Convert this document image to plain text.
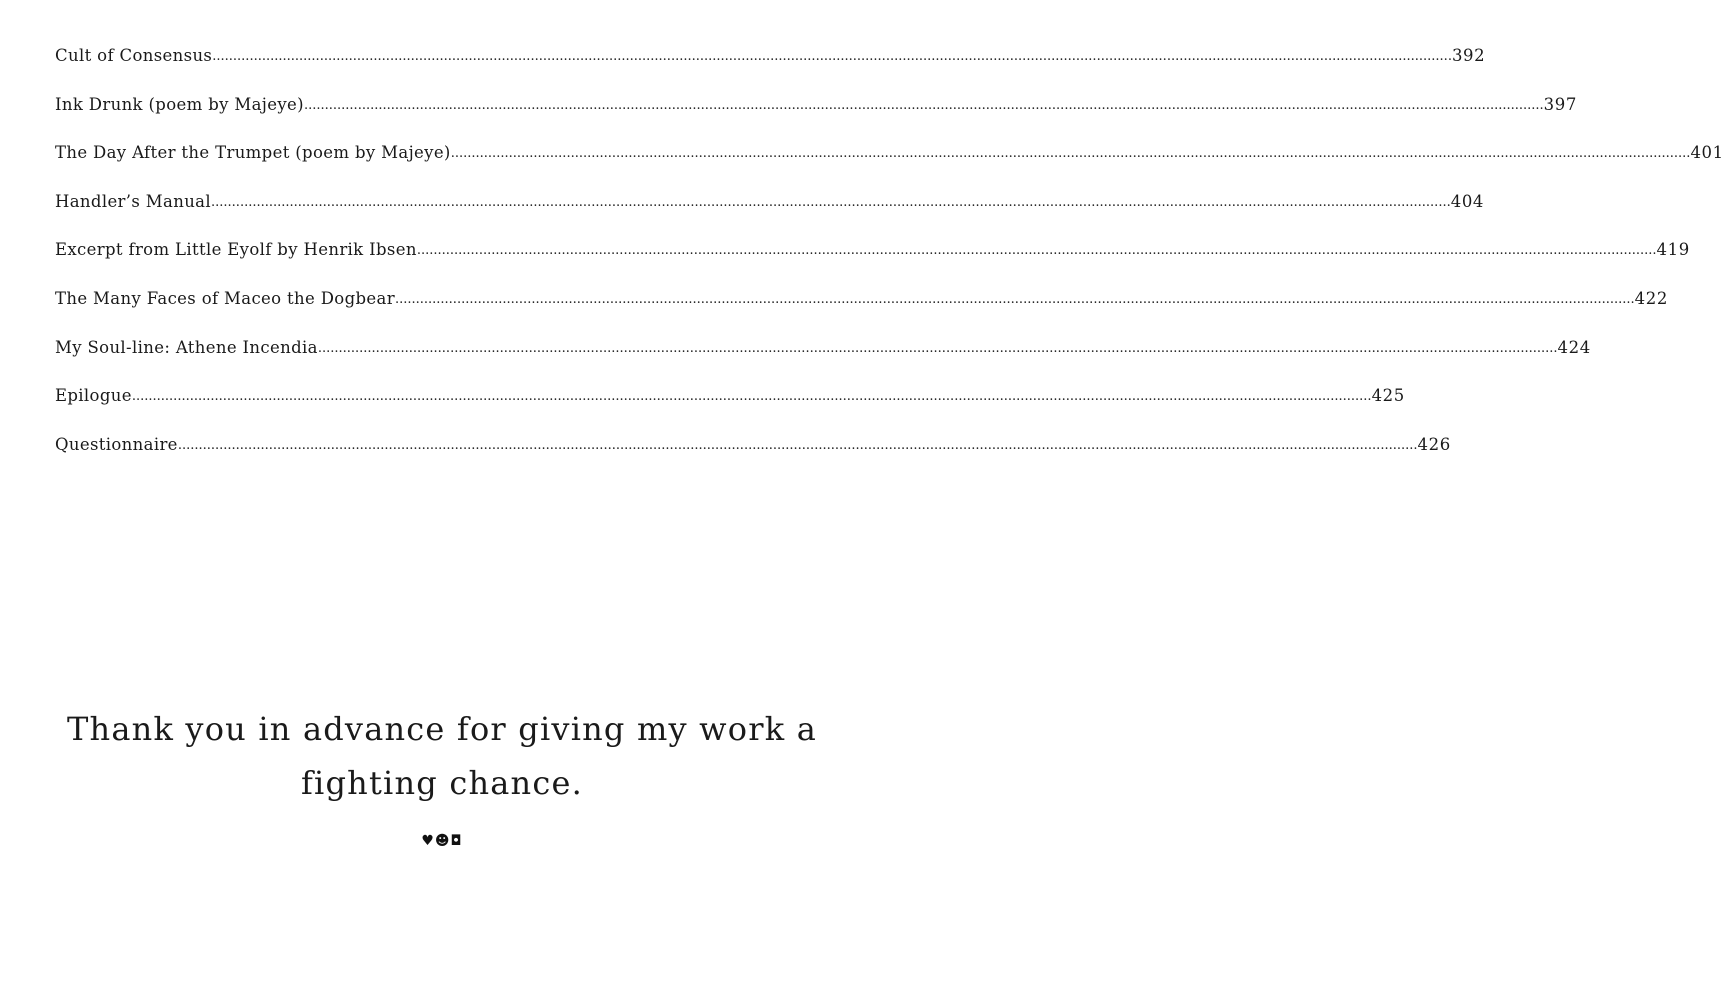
Cult of Consensus ............................................................................................................................................................................................................................................................................................................ 392
Ink Drunk (poem by Majeye) ............................................................................................................................................................................................................................................................................................................ 397
The Day After the Trumpet (poem by Majeye) ............................................................................................................................................................................................................................................................................................................ 401
Handler’s Manual ............................................................................................................................................................................................................................................................................................................ 404
Excerpt from Little Eyolf by Henrik Ibsen ............................................................................................................................................................................................................................................................................................................ 419
The Many Faces of Maceo the Dogbear ............................................................................................................................................................................................................................................................................................................ 422
My Soul-line: Athene Incendia ............................................................................................................................................................................................................................................................................................................ 424
Epilogue ............................................................................................................................................................................................................................................................................................................ 425
Questionnaire ............................................................................................................................................................................................................................................................................................................ 426
Thank you in advance for giving my work a
fighting chance.
♥☻◘
